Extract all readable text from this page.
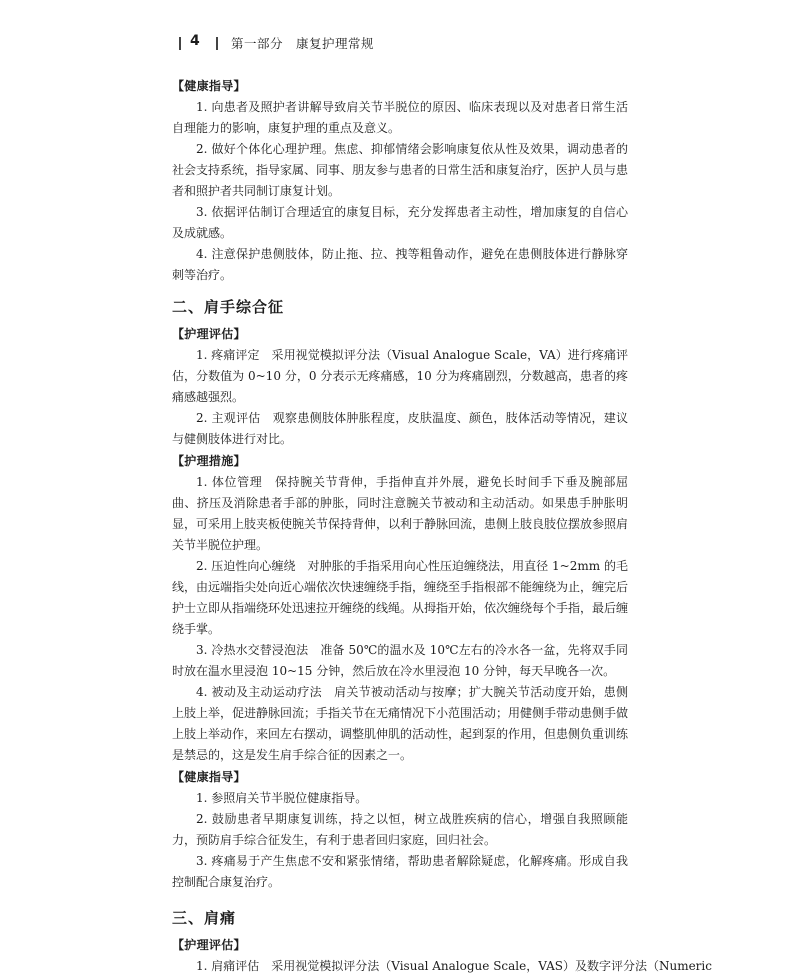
4	第一部分　康复护理常规

【健康指导】

1. 向患者及照护者讲解导致肩关节半脱位的原因、临床表现以及对患者日常生活自理能力的影响，康复护理的重点及意义。

2. 做好个体化心理护理。焦虑、抑郁情绪会影响康复依从性及效果，调动患者的社会支持系统，指导家属、同事、朋友参与患者的日常生活和康复治疗，医护人员与患者和照护者共同制订康复计划。

3. 依据评估制订合理适宜的康复目标，充分发挥患者主动性，增加康复的自信心及成就感。

4. 注意保护患侧肢体，防止拖、拉、拽等粗鲁动作，避免在患侧肢体进行静脉穿刺等治疗。

二、肩手综合征

【护理评估】

1. 疼痛评定　采用视觉模拟评分法（Visual Analogue Scale，VA）进行疼痛评估，分数值为 0~10 分，0 分表示无疼痛感，10 分为疼痛剧烈，分数越高，患者的疼痛感越强烈。

2. 主观评估　观察患侧肢体肿胀程度，皮肤温度、颜色，肢体活动等情况，建议与健侧肢体进行对比。

【护理措施】

1. 体位管理　保持腕关节背伸，手指伸直并外展，避免长时间手下垂及腕部屈曲、挤压及消除患者手部的肿胀，同时注意腕关节被动和主动活动。如果患手肿胀明显，可采用上肢夹板使腕关节保持背伸，以利于静脉回流，患侧上肢良肢位摆放参照肩关节半脱位护理。

2. 压迫性向心缠绕　对肿胀的手指采用向心性压迫缠绕法，用直径 1~2mm 的毛线，由远端指尖处向近心端依次快速缠绕手指，缠绕至手指根部不能缠绕为止，缠完后护士立即从指端绕环处迅速拉开缠绕的线绳。从拇指开始，依次缠绕每个手指，最后缠绕手掌。

3. 冷热水交替浸泡法　准备 50℃的温水及 10℃左右的冷水各一盆，先将双手同时放在温水里浸泡 10~15 分钟，然后放在冷水里浸泡 10 分钟，每天早晚各一次。

4. 被动及主动运动疗法　肩关节被动活动与按摩；扩大腕关节活动度开始，患侧上肢上举，促进静脉回流；手指关节在无痛情况下小范围活动；用健侧手带动患侧手做上肢上举动作，来回左右摆动，调整肌伸肌的活动性，起到泵的作用，但患侧负重训练是禁忌的，这是发生肩手综合征的因素之一。

【健康指导】

1. 参照肩关节半脱位健康指导。

2. 鼓励患者早期康复训练，持之以恒，树立战胜疾病的信心，增强自我照顾能力，预防肩手综合征发生，有利于患者回归家庭，回归社会。

3. 疼痛易于产生焦虑不安和紧张情绪，帮助患者解除疑虑，化解疼痛。形成自我控制配合康复治疗。

三、肩痛

【护理评估】

1. 肩痛评估　采用视觉模拟评分法（Visual Analogue Scale，VAS）及数字评分法（Numeric
